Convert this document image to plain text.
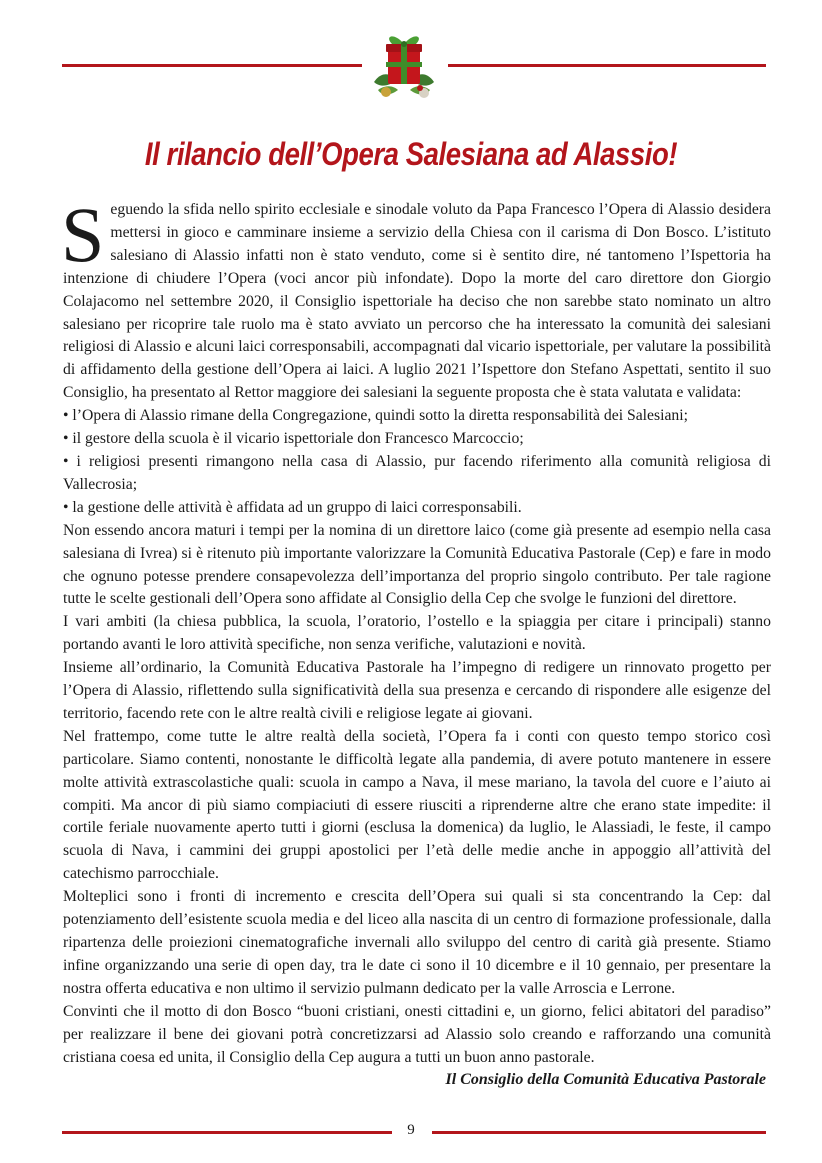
Il rilancio dell’Opera Salesiana ad Alassio!

Seguendo la sfida nello spirito ecclesiale e sinodale voluto da Papa Francesco l’Opera di Alassio desidera mettersi in gioco e camminare insieme a servizio della Chiesa con il carisma di Don Bosco. L’istituto salesiano di Alassio infatti non è stato venduto, come si è sentito dire, né tantomeno l’Ispettoria ha intenzione di chiudere l’Opera (voci ancor più infondate). Dopo la morte del caro direttore don Giorgio Colajacomo nel settembre 2020, il Consiglio ispettoriale ha deciso che non sarebbe stato nominato un altro salesiano per ricoprire tale ruolo ma è stato avviato un percorso che ha interessato la comunità dei salesiani religiosi di Alassio e alcuni laici corresponsabili, accompagnati dal vicario ispettoriale, per valutare la possibilità di affidamento della gestione dell’Opera ai laici. A luglio 2021 l’Ispettore don Stefano Aspettati, sentito il suo Consiglio, ha presentato al Rettor maggiore dei salesiani la seguente proposta che è stata valutata e validata:

• l’Opera di Alassio rimane della Congregazione, quindi sotto la diretta responsabilità dei Salesiani;

• il gestore della scuola è il vicario ispettoriale don Francesco Marcoccio;

• i religiosi presenti rimangono nella casa di Alassio, pur facendo riferimento alla comunità religiosa di Vallecrosia;

• la gestione delle attività è affidata ad un gruppo di laici corresponsabili.

Non essendo ancora maturi i tempi per la nomina di un direttore laico (come già presente ad esempio nella casa salesiana di Ivrea) si è ritenuto più importante valorizzare la Comunità Educativa Pastorale (Cep) e fare in modo che ognuno potesse prendere consapevolezza dell’importanza del proprio singolo contributo. Per tale ragione tutte le scelte gestionali dell’Opera sono affidate al Consiglio della Cep che svolge le funzioni del direttore.

I vari ambiti (la chiesa pubblica, la scuola, l’oratorio, l’ostello e la spiaggia per citare i principali) stanno portando avanti le loro attività specifiche, non senza verifiche, valutazioni e novità.

Insieme all’ordinario, la Comunità Educativa Pastorale ha l’impegno di redigere un rinnovato progetto per l’Opera di Alassio, riflettendo sulla significatività della sua presenza e cercando di rispondere alle esigenze del territorio, facendo rete con le altre realtà civili e religiose legate ai giovani.

Nel frattempo, come tutte le altre realtà della società, l’Opera fa i conti con questo tempo storico così particolare. Siamo contenti, nonostante le difficoltà legate alla pandemia, di avere potuto mantenere in essere molte attività extrascolastiche quali: scuola in campo a Nava, il mese mariano, la tavola del cuore e l’aiuto ai compiti. Ma ancor di più siamo compiaciuti di essere riusciti a riprenderne altre che erano state impedite: il cortile feriale nuovamente aperto tutti i giorni (esclusa la domenica) da luglio, le Alassiadi, le feste, il campo scuola di Nava, i cammini dei gruppi apostolici per l’età delle medie anche in appoggio all’attività del catechismo parrocchiale.

Molteplici sono i fronti di incremento e crescita dell’Opera sui quali si sta concentrando la Cep: dal potenziamento dell’esistente scuola media e del liceo alla nascita di un centro di formazione professionale, dalla ripartenza delle proiezioni cinematografiche invernali allo sviluppo del centro di carità già presente. Stiamo infine organizzando una serie di open day, tra le date ci sono il 10 dicembre e il 10 gennaio, per presentare la nostra offerta educativa e non ultimo il servizio pulmann dedicato per la valle Arroscia e Lerrone.

Convinti che il motto di don Bosco “buoni cristiani, onesti cittadini e, un giorno, felici abitatori del paradiso” per realizzare il bene dei giovani potrà concretizzarsi ad Alassio solo creando e rafforzando una comunità cristiana coesa ed unita, il Consiglio della Cep augura a tutti un buon anno pastorale.

Il Consiglio della Comunità Educativa Pastorale
9
